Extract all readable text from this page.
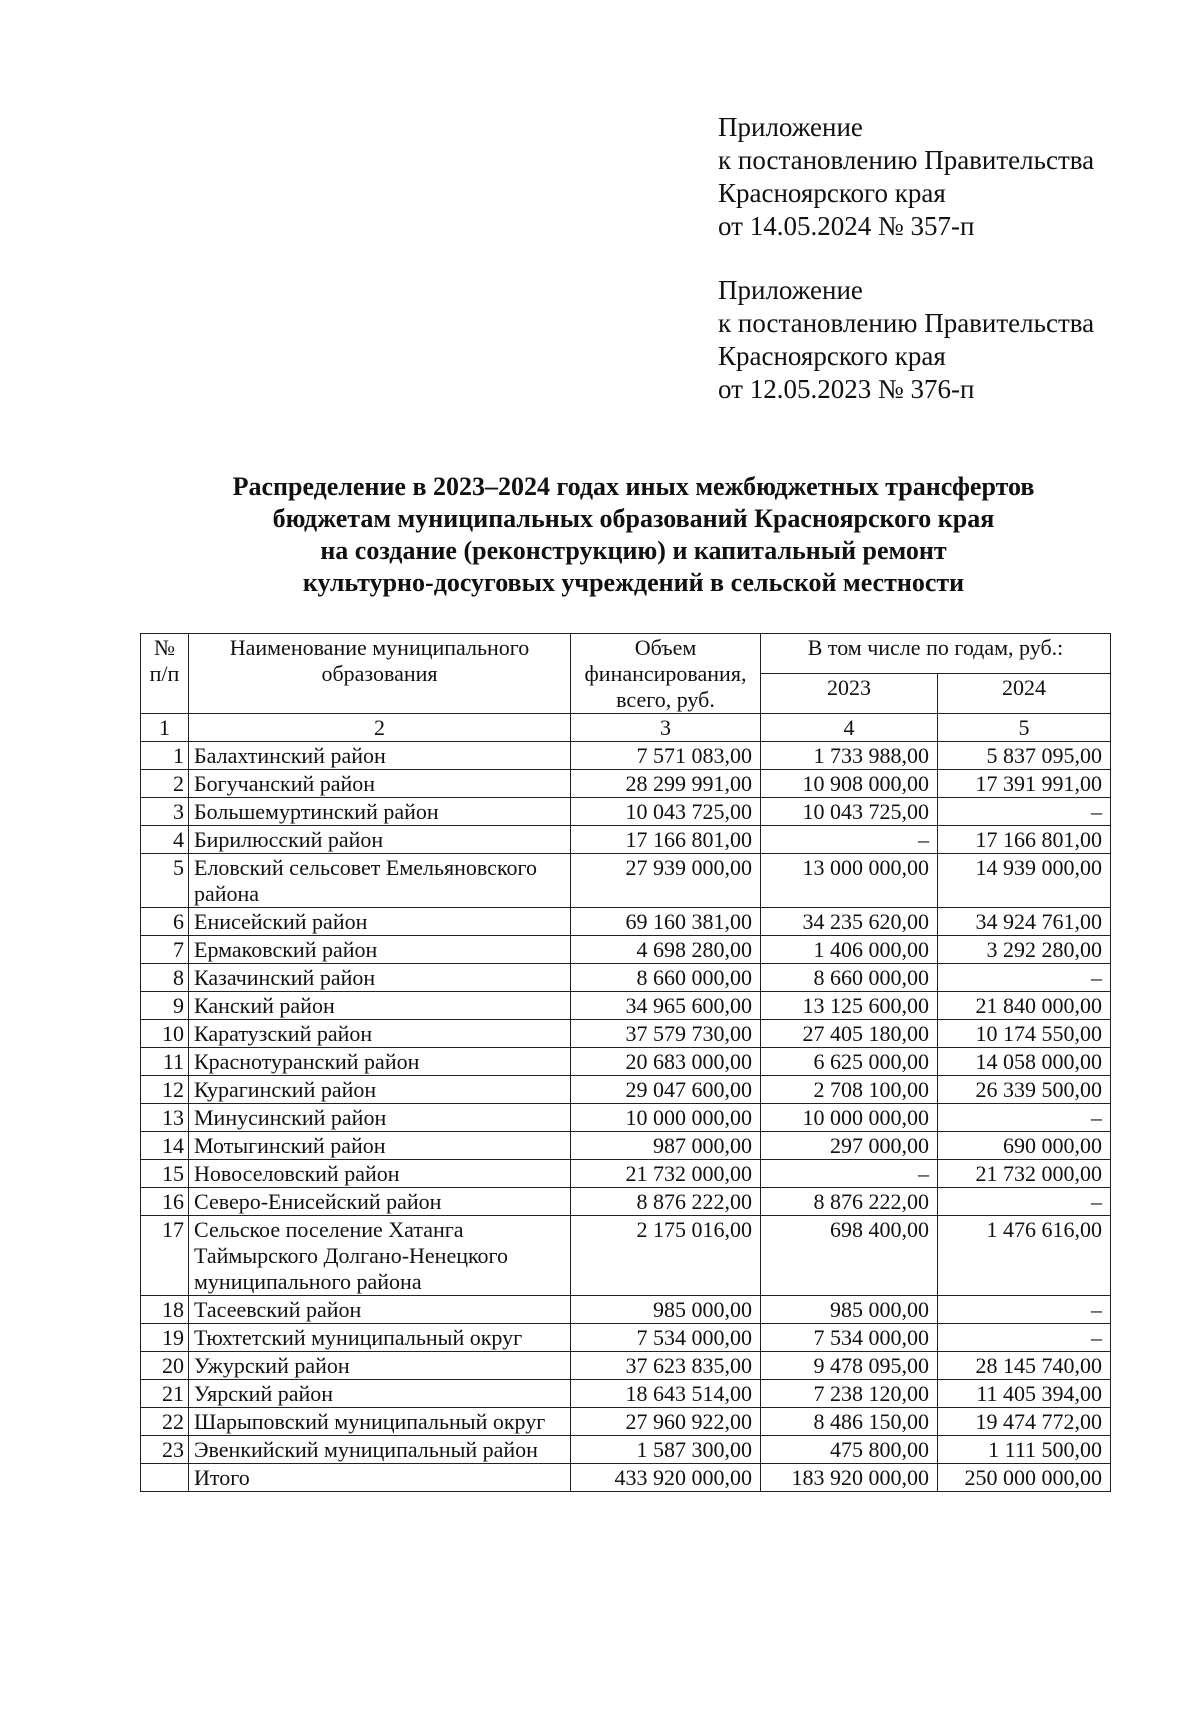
Приложение
к постановлению Правительства
Красноярского края
от 14.05.2024 № 357-п
Приложение
к постановлению Правительства
Красноярского края
от 12.05.2023 № 376-п
Распределение в 2023–2024 годах иных межбюджетных трансфертов
бюджетам муниципальных образований Красноярского края
на создание (реконструкцию) и капитальный ремонт
культурно-досуговых учреждений в сельской местности
№ п/п	Наименование муниципального образования	Объем финансирования, всего, руб.	В том числе по годам, руб.:	
			2023	2024
1	2	3	4	5
1	Балахтинский район	7 571 083,00	1 733 988,00	5 837 095,00
2	Богучанский район	28 299 991,00	10 908 000,00	17 391 991,00
3	Большемуртинский район	10 043 725,00	10 043 725,00	–
4	Бирилюсский район	17 166 801,00	–	17 166 801,00
5	Еловский сельсовет Емельяновского района	27 939 000,00	13 000 000,00	14 939 000,00
6	Енисейский район	69 160 381,00	34 235 620,00	34 924 761,00
7	Ермаковский район	4 698 280,00	1 406 000,00	3 292 280,00
8	Казачинский район	8 660 000,00	8 660 000,00	–
9	Канский район	34 965 600,00	13 125 600,00	21 840 000,00
10	Каратузский район	37 579 730,00	27 405 180,00	10 174 550,00
11	Краснотуранский район	20 683 000,00	6 625 000,00	14 058 000,00
12	Курагинский район	29 047 600,00	2 708 100,00	26 339 500,00
13	Минусинский район	10 000 000,00	10 000 000,00	–
14	Мотыгинский район	987 000,00	297 000,00	690 000,00
15	Новоселовский район	21 732 000,00	–	21 732 000,00
16	Северо-Енисейский район	8 876 222,00	8 876 222,00	–
17	Сельское поселение Хатанга Таймырского Долгано-Ненецкого муниципального района	2 175 016,00	698 400,00	1 476 616,00
18	Тасеевский район	985 000,00	985 000,00	–
19	Тюхтетский муниципальный округ	7 534 000,00	7 534 000,00	–
20	Ужурский район	37 623 835,00	9 478 095,00	28 145 740,00
21	Уярский район	18 643 514,00	7 238 120,00	11 405 394,00
22	Шарыповский муниципальный округ	27 960 922,00	8 486 150,00	19 474 772,00
23	Эвенкийский муниципальный район	1 587 300,00	475 800,00	1 111 500,00
	Итого	433 920 000,00	183 920 000,00	250 000 000,00
